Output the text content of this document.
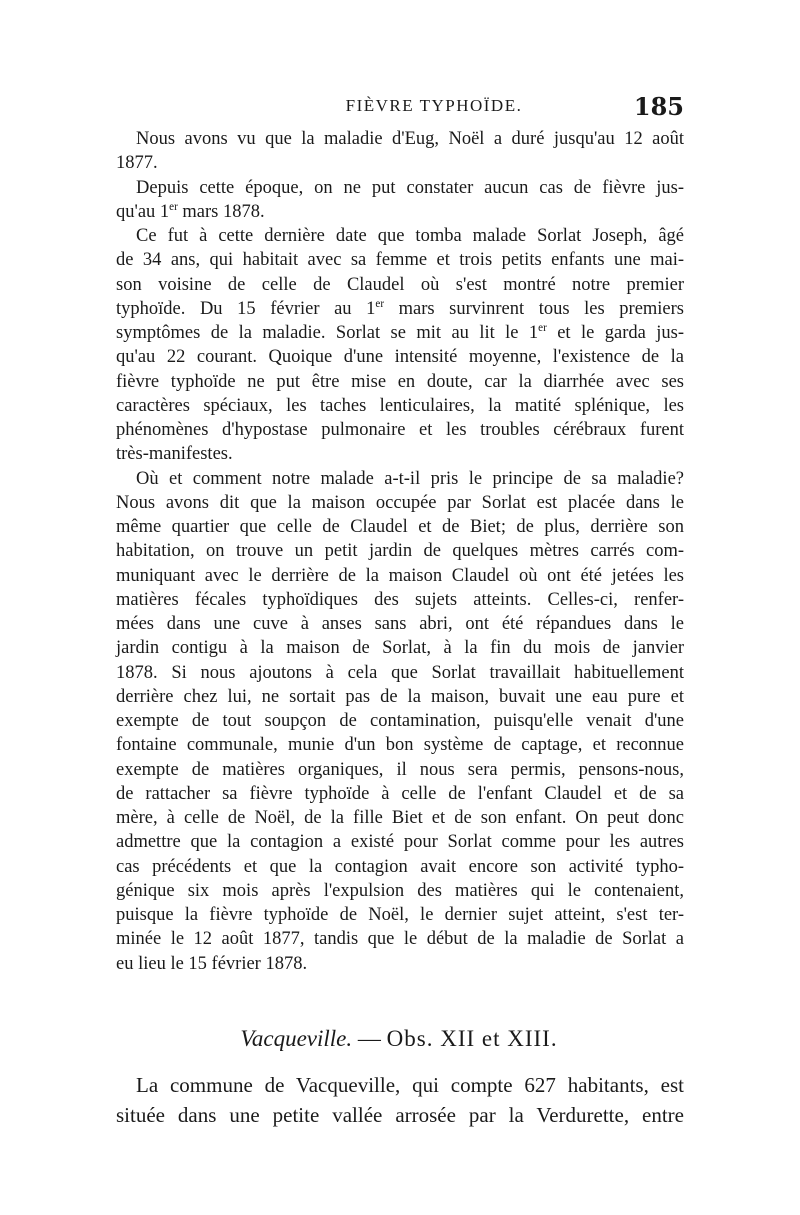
FIÈVRE TYPHOÏDE.	185
Nous avons vu que la maladie d'Eug, Noël a duré jusqu'au 12 août
1877.
Depuis cette époque, on ne put constater aucun cas de fièvre jus-
qu'au 1er mars 1878.
Ce fut à cette dernière date que tomba malade Sorlat Joseph, âgé
de 34 ans, qui habitait avec sa femme et trois petits enfants une mai-
son voisine de celle de Claudel où s'est montré notre premier
typhoïde. Du 15 février au 1er mars survinrent tous les premiers
symptômes de la maladie. Sorlat se mit au lit le 1er et le garda jus-
qu'au 22 courant. Quoique d'une intensité moyenne, l'existence de la
fièvre typhoïde ne put être mise en doute, car la diarrhée avec ses
caractères spéciaux, les taches lenticulaires, la matité splénique, les
phénomènes d'hypostase pulmonaire et les troubles cérébraux furent
très-manifestes.
Où et comment notre malade a-t-il pris le principe de sa maladie?
Nous avons dit que la maison occupée par Sorlat est placée dans le
même quartier que celle de Claudel et de Biet; de plus, derrière son
habitation, on trouve un petit jardin de quelques mètres carrés com-
muniquant avec le derrière de la maison Claudel où ont été jetées les
matières fécales typhoïdiques des sujets atteints. Celles-ci, renfer-
mées dans une cuve à anses sans abri, ont été répandues dans le
jardin contigu à la maison de Sorlat, à la fin du mois de janvier
1878. Si nous ajoutons à cela que Sorlat travaillait habituellement
derrière chez lui, ne sortait pas de la maison, buvait une eau pure et
exempte de tout soupçon de contamination, puisqu'elle venait d'une
fontaine communale, munie d'un bon système de captage, et reconnue
exempte de matières organiques, il nous sera permis, pensons-nous,
de rattacher sa fièvre typhoïde à celle de l'enfant Claudel et de sa
mère, à celle de Noël, de la fille Biet et de son enfant. On peut donc
admettre que la contagion a existé pour Sorlat comme pour les autres
cas précédents et que la contagion avait encore son activité typho-
génique six mois après l'expulsion des matières qui le contenaient,
puisque la fièvre typhoïde de Noël, le dernier sujet atteint, s'est ter-
minée le 12 août 1877, tandis que le début de la maladie de Sorlat a
eu lieu le 15 février 1878.
Vacqueville. — Obs. XII et XIII.
La commune de Vacqueville, qui compte 627 habitants, est
située dans une petite vallée arrosée par la Verdurette, entre
